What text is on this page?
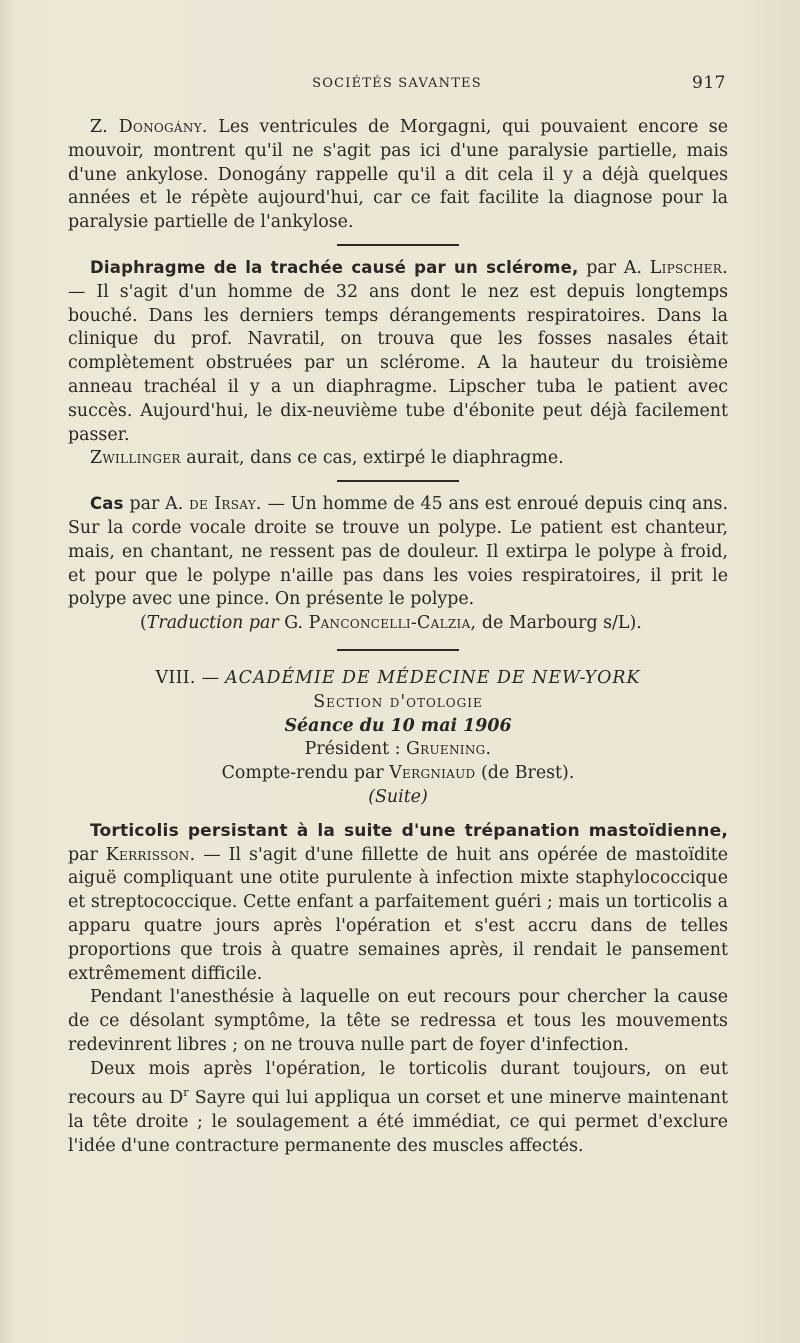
SOCIÉTÉS SAVANTES	917

Z. Donogány. Les ventricules de Morgagni, qui pouvaient encore se mouvoir, montrent qu'il ne s'agit pas ici d'une paralysie partielle, mais d'une ankylose. Donogány rappelle qu'il a dit cela il y a déjà quelques années et le répète aujourd'hui, car ce fait facilite la diagnose pour la paralysie partielle de l'ankylose.

Diaphragme de la trachée causé par un sclérome, par A. Lipscher. — Il s'agit d'un homme de 32 ans dont le nez est depuis longtemps bouché. Dans les derniers temps dérangements respiratoires. Dans la clinique du prof. Navratil, on trouva que les fosses nasales était complètement obstruées par un sclérome. A la hauteur du troisième anneau trachéal il y a un diaphragme. Lipscher tuba le patient avec succès. Aujourd'hui, le dix-neuvième tube d'ébonite peut déjà facilement passer.

Zwillinger aurait, dans ce cas, extirpé le diaphragme.

Cas par A. de Irsay. — Un homme de 45 ans est enroué depuis cinq ans. Sur la corde vocale droite se trouve un polype. Le patient est chanteur, mais, en chantant, ne ressent pas de douleur. Il extirpa le polype à froid, et pour que le polype n'aille pas dans les voies respiratoires, il prit le polype avec une pince. On présente le polype.
(Traduction par G. Panconcelli-Calzia, de Marbourg s/L).

VIII. — ACADÉMIE DE MÉDECINE DE NEW-YORK
Section d'otologie
Séance du 10 mai 1906
Président : Gruening.
Compte-rendu par Vergniaud (de Brest).
(Suite)

Torticolis persistant à la suite d'une trépanation mastoïdienne, par Kerrisson. — Il s'agit d'une fillette de huit ans opérée de mastoïdite aiguë compliquant une otite purulente à infection mixte staphylococcique et streptococcique. Cette enfant a parfaitement guéri ; mais un torticolis a apparu quatre jours après l'opération et s'est accru dans de telles proportions que trois à quatre semaines après, il rendait le pansement extrêmement difficile.

Pendant l'anesthésie à laquelle on eut recours pour chercher la cause de ce désolant symptôme, la tête se redressa et tous les mouvements redevinrent libres ; on ne trouva nulle part de foyer d'infection.

Deux mois après l'opération, le torticolis durant toujours, on eut recours au $D^r$ Sayre qui lui appliqua un corset et une minerve maintenant la tête droite ; le soulagement a été immédiat, ce qui permet d'exclure l'idée d'une contracture permanente des muscles affectés.
